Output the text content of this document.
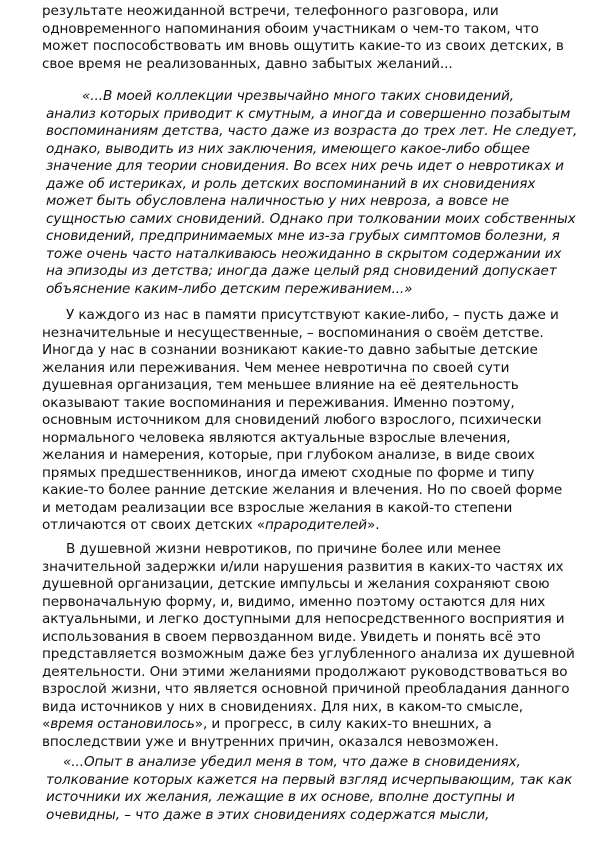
результате неожиданной встречи, телефонного разговора, или
одновременного напоминания обоим участникам о чем-то таком, что
может поспособствовать им вновь ощутить какие-то из своих детских, в
свое время не реализованных, давно забытых желаний...
«...В моей коллекции чрезвычайно много таких сновидений,
анализ которых приводит к смутным, а иногда и совершенно позабытым
воспоминаниям детства, часто даже из возраста до трех лет. Не следует,
однако, выводить из них заключения, имеющего какое-либо общее
значение для теории сновидения. Во всех них речь идет о невротиках и
даже об истериках, и роль детских воспоминаний в их сновидениях
может быть обусловлена наличностью у них невроза, а вовсе не
сущностью самих сновидений. Однако при толковании моих собственных
сновидений, предпринимаемых мне из-за грубых симптомов болезни, я
тоже очень часто наталкиваюсь неожиданно в скрытом содержании их
на эпизоды из детства; иногда даже целый ряд сновидений допускает
объяснение каким-либо детским переживанием...»
У каждого из нас в памяти присутствуют какие-либо, – пусть даже и
незначительные и несущественные, – воспоминания о своём детстве.
Иногда у нас в сознании возникают какие-то давно забытые детские
желания или переживания. Чем менее невротична по своей сути
душевная организация, тем меньшее влияние на её деятельность
оказывают такие воспоминания и переживания. Именно поэтому,
основным источником для сновидений любого взрослого, психически
нормального человека являются актуальные взрослые влечения,
желания и намерения, которые, при глубоком анализе, в виде своих
прямых предшественников, иногда имеют сходные по форме и типу
какие-то более ранние детские желания и влечения. Но по своей форме
и методам реализации все взрослые желания в какой-то степени
отличаются от своих детских «прародителей».
В душевной жизни невротиков, по причине более или менее
значительной задержки и/или нарушения развития в каких-то частях их
душевной организации, детские импульсы и желания сохраняют свою
первоначальную форму, и, видимо, именно поэтому остаются для них
актуальными, и легко доступными для непосредственного восприятия и
использования в своем первозданном виде. Увидеть и понять всё это
представляется возможным даже без углубленного анализа их душевной
деятельности. Они этими желаниями продолжают руководствоваться во
взрослой жизни, что является основной причиной преобладания данного
вида источников у них в сновидениях. Для них, в каком-то смысле,
«время остановилось», и прогресс, в силу каких-то внешних, а
впоследствии уже и внутренних причин, оказался невозможен.
«...Опыт в анализе убедил меня в том, что даже в сновидениях,
толкование которых кажется на первый взгляд исчерпывающим, так как
источники их желания, лежащие в их основе, вполне доступны и
очевидны, – что даже в этих сновидениях содержатся мысли,
